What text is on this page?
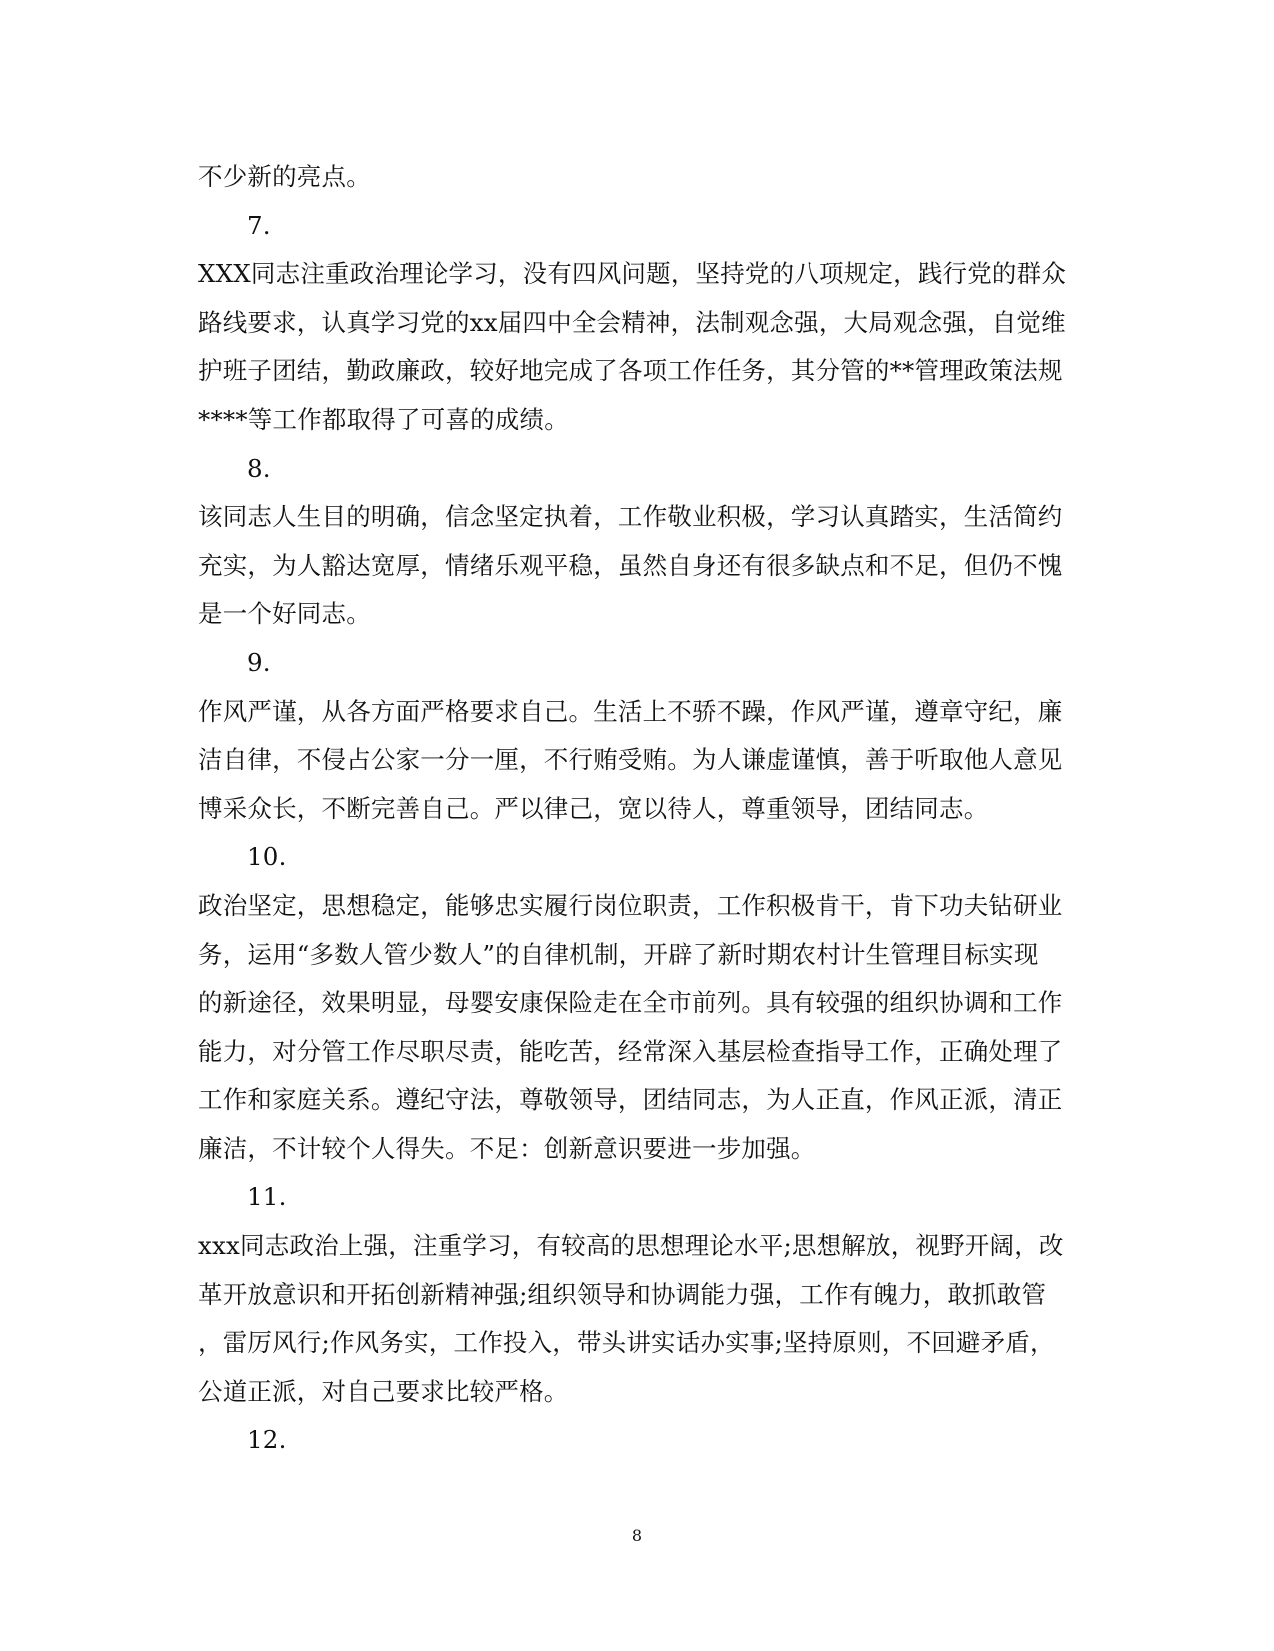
不少新的亮点。
7.
XXX同志注重政治理论学习，没有四风问题，坚持党的八项规定，践行党的群众
路线要求，认真学习党的xx届四中全会精神，法制观念强，大局观念强，自觉维
护班子团结，勤政廉政，较好地完成了各项工作任务，其分管的**管理政策法规
****等工作都取得了可喜的成绩。
8.
该同志人生目的明确，信念坚定执着，工作敬业积极，学习认真踏实，生活简约
充实，为人豁达宽厚，情绪乐观平稳，虽然自身还有很多缺点和不足，但仍不愧
是一个好同志。
9.
作风严谨，从各方面严格要求自己。生活上不骄不躁，作风严谨，遵章守纪，廉
洁自律，不侵占公家一分一厘，不行贿受贿。为人谦虚谨慎，善于听取他人意见
博采众长，不断完善自己。严以律己，宽以待人，尊重领导，团结同志。
10.
政治坚定，思想稳定，能够忠实履行岗位职责，工作积极肯干，肯下功夫钻研业
务，运用“多数人管少数人”的自律机制，开辟了新时期农村计生管理目标实现
的新途径，效果明显，母婴安康保险走在全市前列。具有较强的组织协调和工作
能力，对分管工作尽职尽责，能吃苦，经常深入基层检查指导工作，正确处理了
工作和家庭关系。遵纪守法，尊敬领导，团结同志，为人正直，作风正派，清正
廉洁，不计较个人得失。不足：创新意识要进一步加强。
11.
xxx同志政治上强，注重学习，有较高的思想理论水平;思想解放，视野开阔，改
革开放意识和开拓创新精神强;组织领导和协调能力强，工作有魄力，敢抓敢管
，雷厉风行;作风务实，工作投入，带头讲实话办实事;坚持原则，不回避矛盾，
公道正派，对自己要求比较严格。
12.
8
